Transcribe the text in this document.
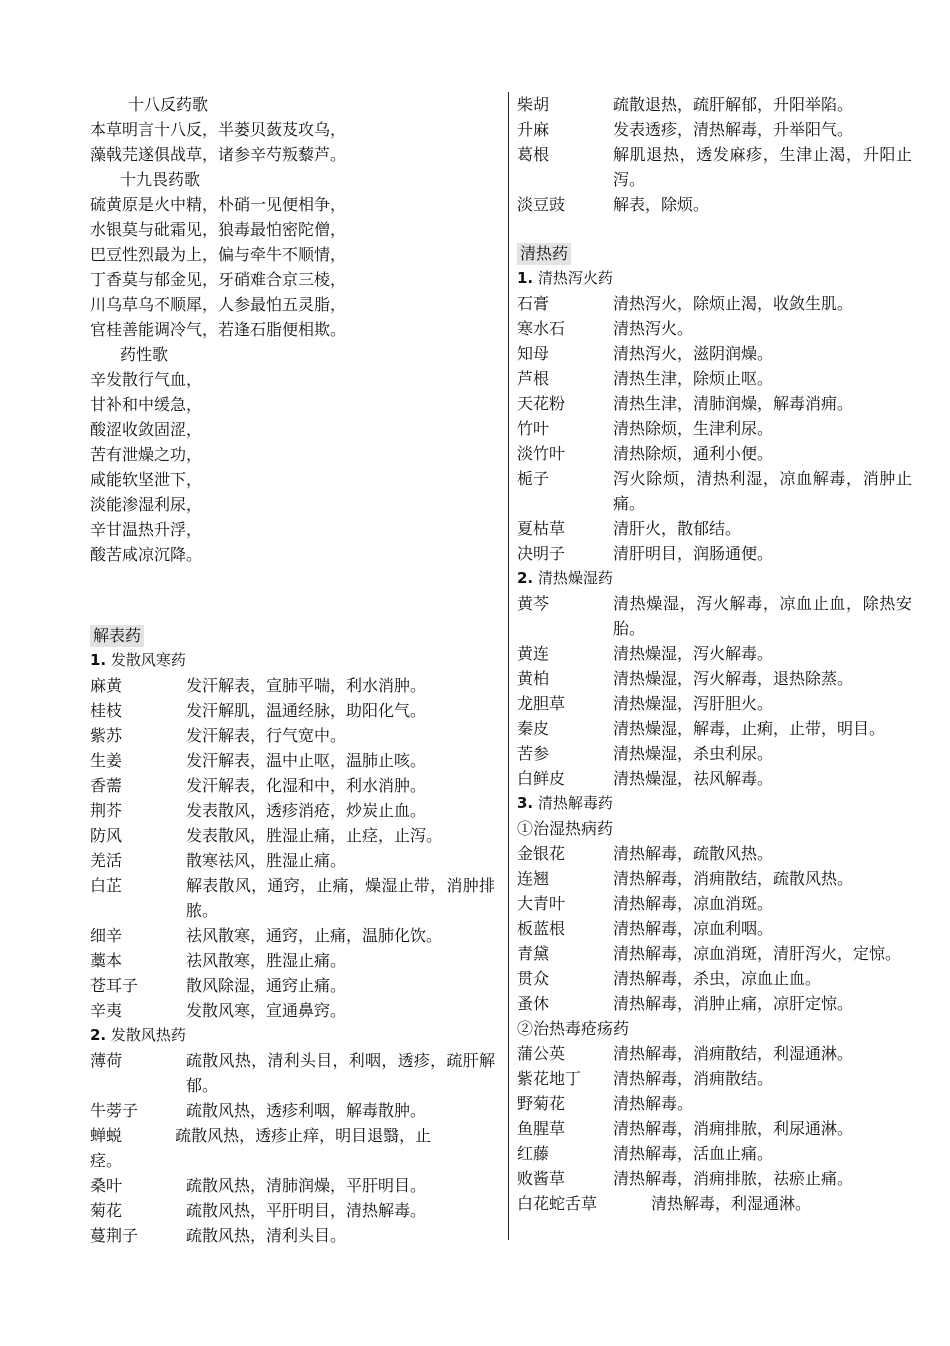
十八反药歌
本草明言十八反，半蒌贝蔹芨攻乌，
藻戟芫遂俱战草，诸参辛芍叛藜芦。
十九畏药歌
硫黄原是火中精，朴硝一见便相争，
水银莫与砒霜见，狼毒最怕密陀僧，
巴豆性烈最为上，偏与牵牛不顺情，
丁香莫与郁金见，牙硝难合京三棱，
川乌草乌不顺犀，人参最怕五灵脂，
官桂善能调冷气，若逢石脂便相欺。
药性歌
辛发散行气血，
甘补和中缓急，
酸涩收敛固涩，
苦有泄燥之功，
咸能软坚泄下，
淡能渗湿利尿，
辛甘温热升浮，
酸苦咸凉沉降。
解表药
1. 发散风寒药
麻黄	发汗解表，宣肺平喘，利水消肿。
桂枝	发汗解肌，温通经脉，助阳化气。
紫苏	发汗解表，行气宽中。
生姜	发汗解表，温中止呕，温肺止咳。
香薷	发汗解表，化湿和中，利水消肿。
荆芥	发表散风，透疹消疮，炒炭止血。
防风	发表散风，胜湿止痛，止痉，止泻。
羌活	散寒祛风，胜湿止痛。
白芷	解表散风，通窍，止痛，燥湿止带，消肿排脓。
细辛	祛风散寒，通窍，止痛，温肺化饮。
藁本	祛风散寒，胜湿止痛。
苍耳子	散风除湿，通窍止痛。
辛夷	发散风寒，宣通鼻窍。
2. 发散风热药
薄荷	疏散风热，清利头目，利咽，透疹，疏肝解郁。
牛蒡子	疏散风热，透疹利咽，解毒散肿。
蝉蜕　　　 疏散风热，透疹止痒，明目退翳，止
痉。
桑叶	疏散风热，清肺润燥，平肝明目。
菊花	疏散风热，平肝明目，清热解毒。
蔓荆子	疏散风热，清利头目。
柴胡	疏散退热，疏肝解郁，升阳举陷。
升麻	发表透疹，清热解毒，升举阳气。
葛根	解肌退热，透发麻疹，生津止渴，升阳止泻。
淡豆豉	解表，除烦。
清热药
1. 清热泻火药
石膏	清热泻火，除烦止渴，收敛生肌。
寒水石	清热泻火。
知母	清热泻火，滋阴润燥。
芦根	清热生津，除烦止呕。
天花粉	清热生津，清肺润燥，解毒消痈。
竹叶	清热除烦，生津利尿。
淡竹叶	清热除烦，通利小便。
栀子	泻火除烦，清热利湿，凉血解毒，消肿止痛。
夏枯草	清肝火，散郁结。
决明子	清肝明目，润肠通便。
2. 清热燥湿药
黄芩	清热燥湿，泻火解毒，凉血止血，除热安胎。
黄连	清热燥湿，泻火解毒。
黄柏	清热燥湿，泻火解毒，退热除蒸。
龙胆草	清热燥湿，泻肝胆火。
秦皮	清热燥湿，解毒，止痢，止带，明目。
苦参	清热燥湿，杀虫利尿。
白鲜皮	清热燥湿，祛风解毒。
3. 清热解毒药
①治湿热病药
金银花	清热解毒，疏散风热。
连翘	清热解毒，消痈散结，疏散风热。
大青叶	清热解毒，凉血消斑。
板蓝根	清热解毒，凉血利咽。
青黛	清热解毒，凉血消斑，清肝泻火，定惊。
贯众	清热解毒，杀虫，凉血止血。
蚤休	清热解毒，消肿止痛，凉肝定惊。
②治热毒疮疡药
蒲公英	清热解毒，消痈散结，利湿通淋。
紫花地丁	清热解毒，消痈散结。
野菊花	清热解毒。
鱼腥草	清热解毒，消痈排脓，利尿通淋。
红藤	清热解毒，活血止痛。
败酱草	清热解毒，消痈排脓，祛瘀止痛。
白花蛇舌草	清热解毒，利湿通淋。
